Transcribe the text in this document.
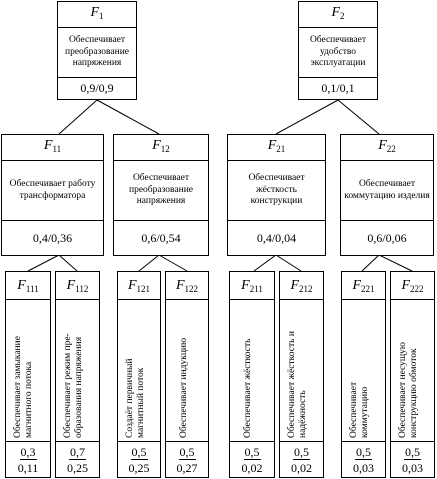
$F_1$
Обеспечивает преобразование напряжения
0,9/0,9
$F_2$
Обеспечивает удобство эксплуатации
0,1/0,1
$F_{11}$
Обеспечивает работу трансформатора
0,4/0,36
$F_{12}$
Обеспечивает преобразование напряжения
0,6/0,54
$F_{21}$
Обеспечивает жёсткость конструкции
0,4/0,04
$F_{22}$
Обеспечивает коммутацию изделия
0,6/0,06
$F_{111}$
Обеспечивает замыкание магнитного потока
$\frac{0,3}{0,11}$
$F_{112}$
Обеспечивает режим пре- образования напряжения
$\frac{0,7}{0,25}$
$F_{121}$
Создаёт первичный магнитный поток
$\frac{0,5}{0,25}$
$F_{122}$
Обеспечивает индукцию
$\frac{0,5}{0,27}$
$F_{211}$
Обеспечивает жёсткость
$\frac{0,5}{0,02}$
$F_{212}$
Обеспечивает жёсткость и надёжность
$\frac{0,5}{0,02}$
$F_{221}$
Обеспечивает коммутацию
$\frac{0,5}{0,03}$
$F_{222}$
Обеспечивает несущую конструкцию обмоток
$\frac{0,5}{0,03}$
